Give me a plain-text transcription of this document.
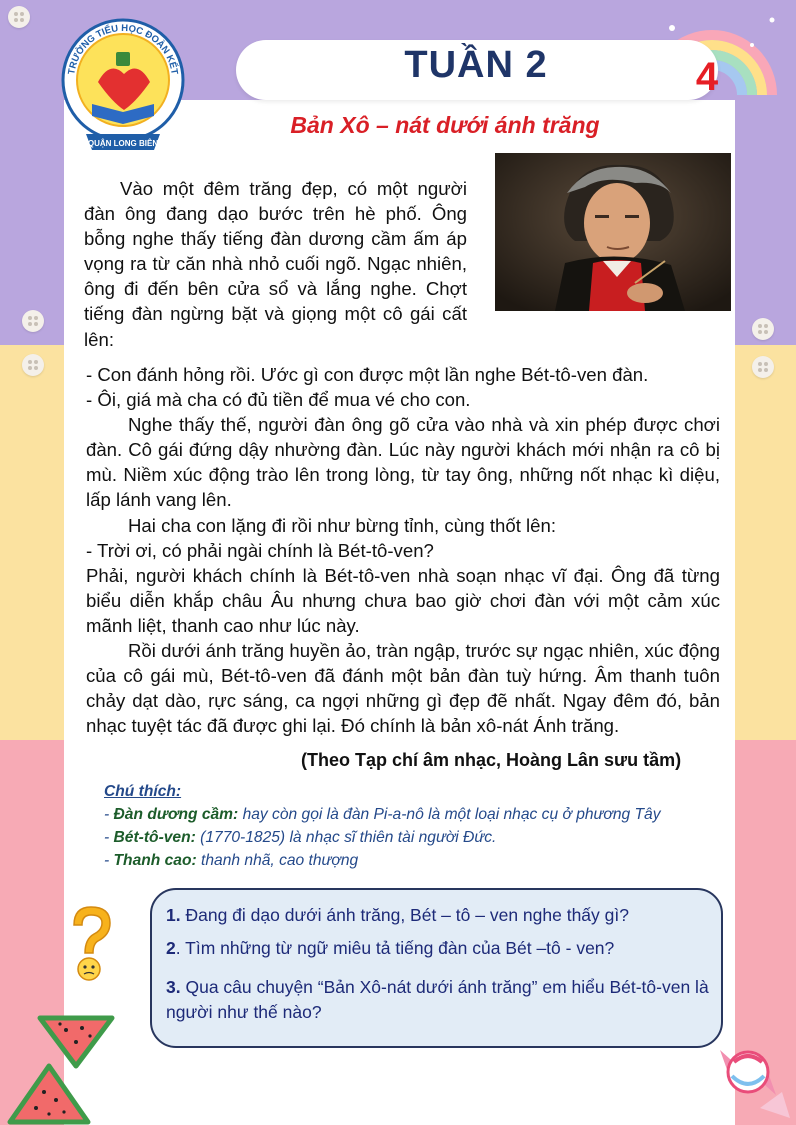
TRƯỜNG TIỂU HỌC ĐOÀN KẾT
QUẬN LONG BIÊN
TUẦN 2	4
Bản Xô – nát dưới ánh trăng
Vào một đêm trăng đẹp, có một người đàn ông đang dạo bước trên hè phố. Ông bỗng nghe thấy tiếng đàn dương cầm ấm áp vọng ra từ căn nhà nhỏ cuối ngõ. Ngạc nhiên, ông đi đến bên cửa sổ và lắng nghe. Chợt tiếng đàn ngừng bặt và giọng một cô gái cất lên:
- Con đánh hỏng rồi. Ước gì con được một lần nghe Bét-tô-ven đàn.
- Ôi, giá mà cha có đủ tiền để mua vé cho con.
Nghe thấy thế, người đàn ông gõ cửa vào nhà và xin phép được chơi đàn. Cô gái đứng dậy nhường đàn. Lúc này người khách mới nhận ra cô bị mù. Niềm xúc động trào lên trong lòng, từ tay ông, những nốt nhạc kì diệu, lấp lánh vang lên.
Hai cha con lặng đi rồi như bừng tỉnh, cùng thốt lên:
- Trời ơi, có phải ngài chính là Bét-tô-ven?
Phải, người khách chính là Bét-tô-ven nhà soạn nhạc vĩ đại. Ông đã từng biểu diễn khắp châu Âu nhưng chưa bao giờ chơi đàn với một cảm xúc mãnh liệt, thanh cao như lúc này.
Rồi dưới ánh trăng huyền ảo, tràn ngập, trước sự ngạc nhiên, xúc động của cô gái mù, Bét-tô-ven đã đánh một bản đàn tuỳ hứng. Âm thanh tuôn chảy dạt dào, rực sáng, ca ngợi những gì đẹp đẽ nhất. Ngay đêm đó, bản nhạc tuyệt tác đã được ghi lại. Đó chính là bản xô-nát Ánh trăng.
(Theo Tạp chí âm nhạc, Hoàng Lân sưu tầm)
Chú thích:
- Đàn dương cầm: hay còn gọi là đàn Pi-a-nô là một loại nhạc cụ ở phương Tây
- Bét-tô-ven: (1770-1825) là nhạc sĩ thiên tài người Đức.
- Thanh cao: thanh nhã, cao thượng
1. Đang đi dạo dưới ánh trăng, Bét – tô – ven nghe thấy gì?
2. Tìm những từ ngữ miêu tả tiếng đàn của Bét –tô - ven?
3. Qua câu chuyện “Bản Xô-nát dưới ánh trăng” em hiểu Bét-tô-ven là người như thế nào?
